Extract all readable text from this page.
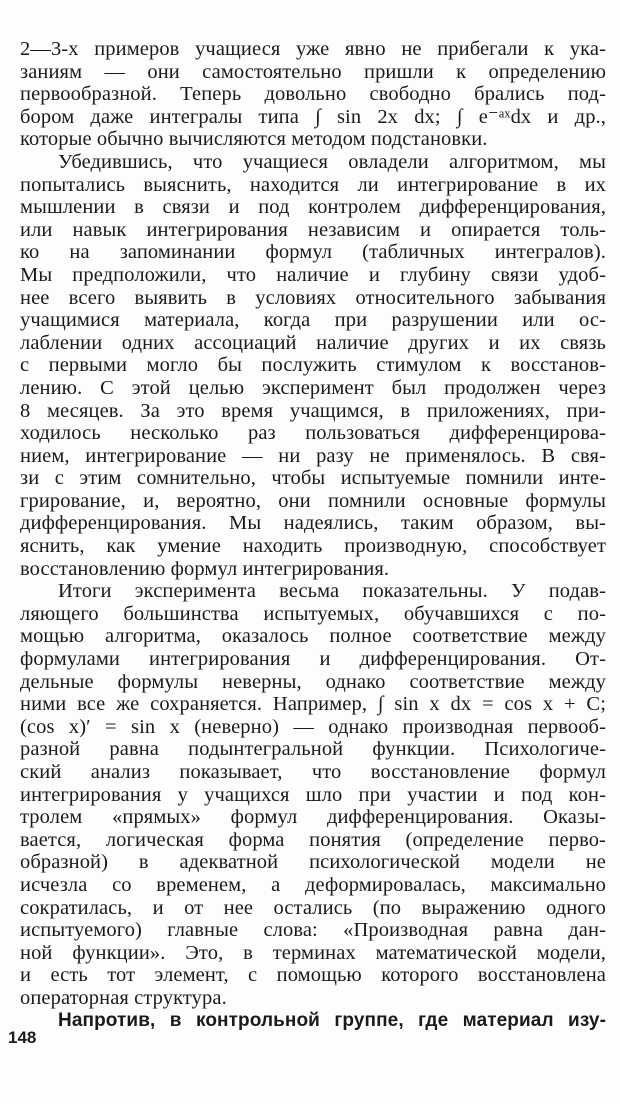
2—3-х примеров учащиеся уже явно не прибегали к ука-
заниям — они самостоятельно пришли к определению
первообразной. Теперь довольно свободно брались под-
бором даже интегралы типа ∫ sin 2x dx; ∫ e⁻ᵃˣdx и др.,
которые обычно вычисляются методом подстановки.
Убедившись, что учащиеся овладели алгоритмом, мы
попытались выяснить, находится ли интегрирование в их
мышлении в связи и под контролем дифференцирования,
или навык интегрирования независим и опирается толь-
ко на запоминании формул (табличных интегралов).
Мы предположили, что наличие и глубину связи удоб-
нее всего выявить в условиях относительного забывания
учащимися материала, когда при разрушении или ос-
лаблении одних ассоциаций наличие других и их связь
с первыми могло бы послужить стимулом к восстанов-
лению. С этой целью эксперимент был продолжен через
8 месяцев. За это время учащимся, в приложениях, при-
ходилось несколько раз пользоваться дифференцирова-
нием, интегрирование — ни разу не применялось. В свя-
зи с этим сомнительно, чтобы испытуемые помнили инте-
грирование, и, вероятно, они помнили основные формулы
дифференцирования. Мы надеялись, таким образом, вы-
яснить, как умение находить производную, способствует
восстановлению формул интегрирования.
Итоги эксперимента весьма показательны. У подав-
ляющего большинства испытуемых, обучавшихся с по-
мощью алгоритма, оказалось полное соответствие между
формулами интегрирования и дифференцирования. От-
дельные формулы неверны, однако соответствие между
ними все же сохраняется. Например, ∫ sin x dx = cos x + C;
(cos x)′ = sin x (неверно) — однако производная первооб-
разной равна подынтегральной функции. Психологиче-
ский анализ показывает, что восстановление формул
интегрирования у учащихся шло при участии и под кон-
тролем «прямых» формул дифференцирования. Оказы-
вается, логическая форма понятия (определение перво-
образной) в адекватной психологической модели не
исчезла со временем, а деформировалась, максимально
сократилась, и от нее остались (по выражению одного
испытуемого) главные слова: «Производная равна дан-
ной функции». Это, в терминах математической модели,
и есть тот элемент, с помощью которого восстановлена
операторная структура.
Напротив, в контрольной группе, где материал изу-
148
